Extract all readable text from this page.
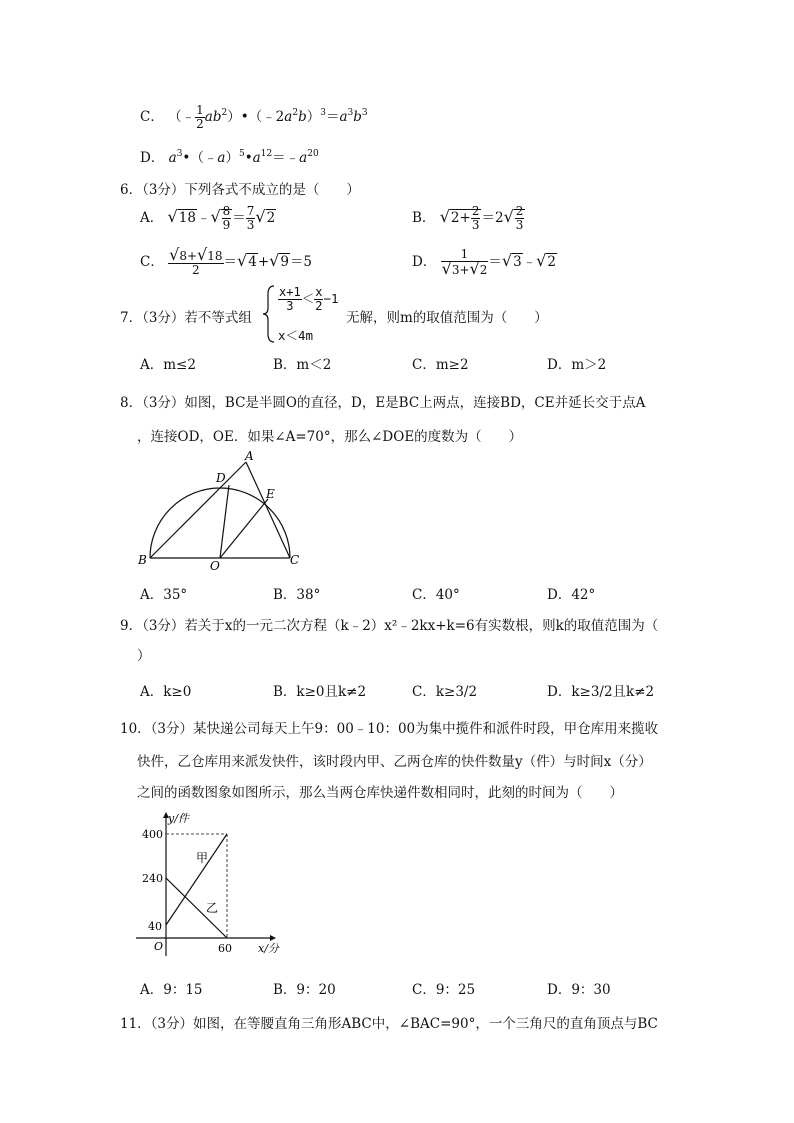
C． （﹣ $\frac{1}{2}$ $ab^2)•(﹣2a^2b)^3=a^3b^3$
D． $a^3•(﹣a)^5•a^{12}=﹣a^{20}$
6．（3分）下列各式不成立的是（　　）
A． √18﹣√ $\frac{8}{9} = \frac{7}{3} √2$	B． $√2+ \frac{2}{3} =2√ \frac{2}{3}$
C． $\frac{√8+√18}{2} =√4+√9=5$	D． $\frac{1}{√3+√2}$ ＝√3﹣√2
7．（3分）若不等式组
$\frac{x+1}{3} < \frac{x}{2} -1$
x＜4m
无解，则m的取值范围为（　　）
A．m≤2	B．m＜2	C．m≥2	D．m＞2
8．（3分）如图，BC是半圆O的直径，D，E是BC上两点，连接BD，CE并延长交于点A
，连接OD，OE．如果∠A=70°，那么∠DOE的度数为（　　）
A
D
E
B	C
O
A．35°	B．38°	C．40°	D．42°
9．（3分）若关于x的一元二次方程（k﹣2）x²﹣2kx+k=6有实数根，则k的取值范围为（
）
A．k≥0	B．k≥0且k≠2	C．k≥3/2	D．k≥3/2且k≠2
10．（3分）某快递公司每天上午9：00﹣10：00为集中揽件和派件时段，甲仓库用来揽收
快件，乙仓库用来派发快件，该时段内甲、乙两仓库的快件数量y（件）与时间x（分）
之间的函数图象如图所示，那么当两仓库快递件数相同时，此刻的时间为（　　）
y/件
400
240
40
O	60 x/分
甲
乙
A．9：15	B．9：20	C．9：25	D．9：30
11．（3分）如图，在等腰直角三角形ABC中，∠BAC=90°，一个三角尺的直角顶点与BC
